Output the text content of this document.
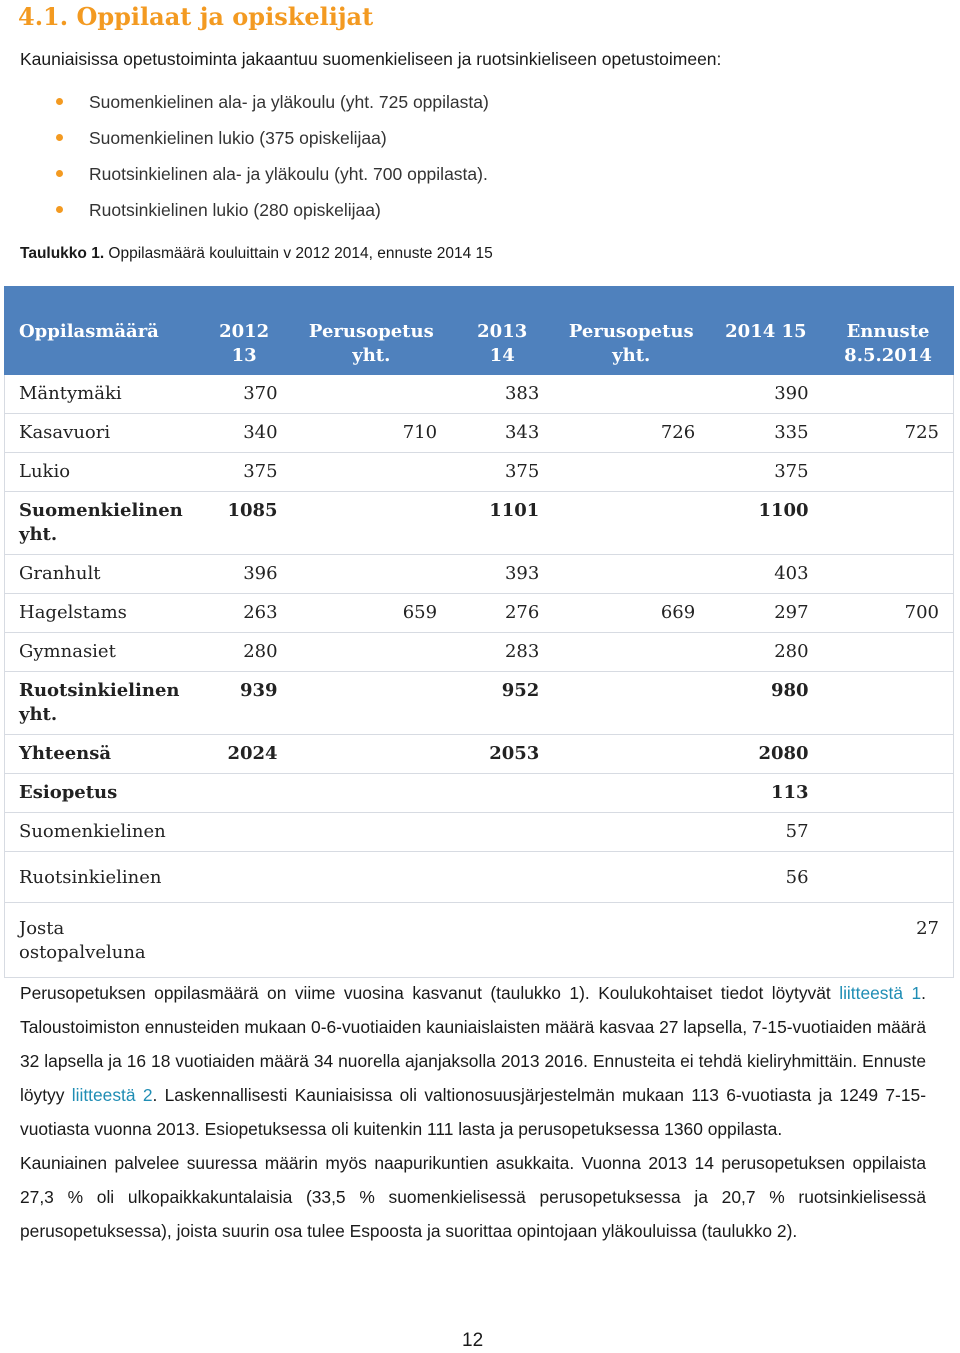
4.1. Oppilaat ja opiskelijat

Kauniaisissa opetustoiminta jakaantuu suomenkieliseen ja ruotsinkieliseen opetustoimeen:

Suomenkielinen ala- ja yläkoulu (yht. 725 oppilasta)
Suomenkielinen lukio (375 opiskelijaa)
Ruotsinkielinen ala- ja yläkoulu (yht. 700 oppilasta).
Ruotsinkielinen lukio (280 opiskelijaa)

Taulukko 1. Oppilasmäärä kouluittain v 2012 2014, ennuste 2014 15

Oppilasmäärä	2012 13	Perusopetus yht.	2013 14	Perusopetus yht.	2014 15	Ennuste 8.5.2014
Mäntymäki	370		383		390	
Kasavuori	340	710	343	726	335	725
Lukio	375		375		375	
Suomenkielinen yht.	1085		1101		1100	
Granhult	396		393		403	
Hagelstams	263	659	276	669	297	700
Gymnasiet	280		283		280	
Ruotsinkielinen yht.	939		952		980	
Yhteensä	2024		2053		2080	
Esiopetus					113	
Suomenkielinen					57	
Ruotsinkielinen					56	
Josta ostopalveluna						27

Perusopetuksen oppilasmäärä on viime vuosina kasvanut (taulukko 1). Koulukohtaiset tiedot löytyvät liitteestä 1. Taloustoimiston ennusteiden mukaan 0-6-vuotiaiden kauniaislaisten määrä kasvaa 27 lapsella, 7-15-vuotiaiden määrä 32 lapsella ja 16 18 vuotiaiden määrä 34 nuorella ajanjaksolla 2013 2016. Ennusteita ei tehdä kieliryhmittäin. Ennuste löytyy liitteestä 2. Laskennallisesti Kauniaisissa oli valtionosuusjärjestelmän mukaan 113 6-vuotiasta ja 1249 7-15-vuotiasta vuonna 2013. Esiopetuksessa oli kuitenkin 111 lasta ja perusopetuksessa 1360 oppilasta.

Kauniainen palvelee suuressa määrin myös naapurikuntien asukkaita. Vuonna 2013 14 perusopetuksen oppilaista 27,3 % oli ulkopaikkakuntalaisia (33,5 % suomenkielisessä perusopetuksessa ja 20,7 % ruotsinkielisessä perusopetuksessa), joista suurin osa tulee Espoosta ja suorittaa opintojaan yläkouluissa (taulukko 2).

12
